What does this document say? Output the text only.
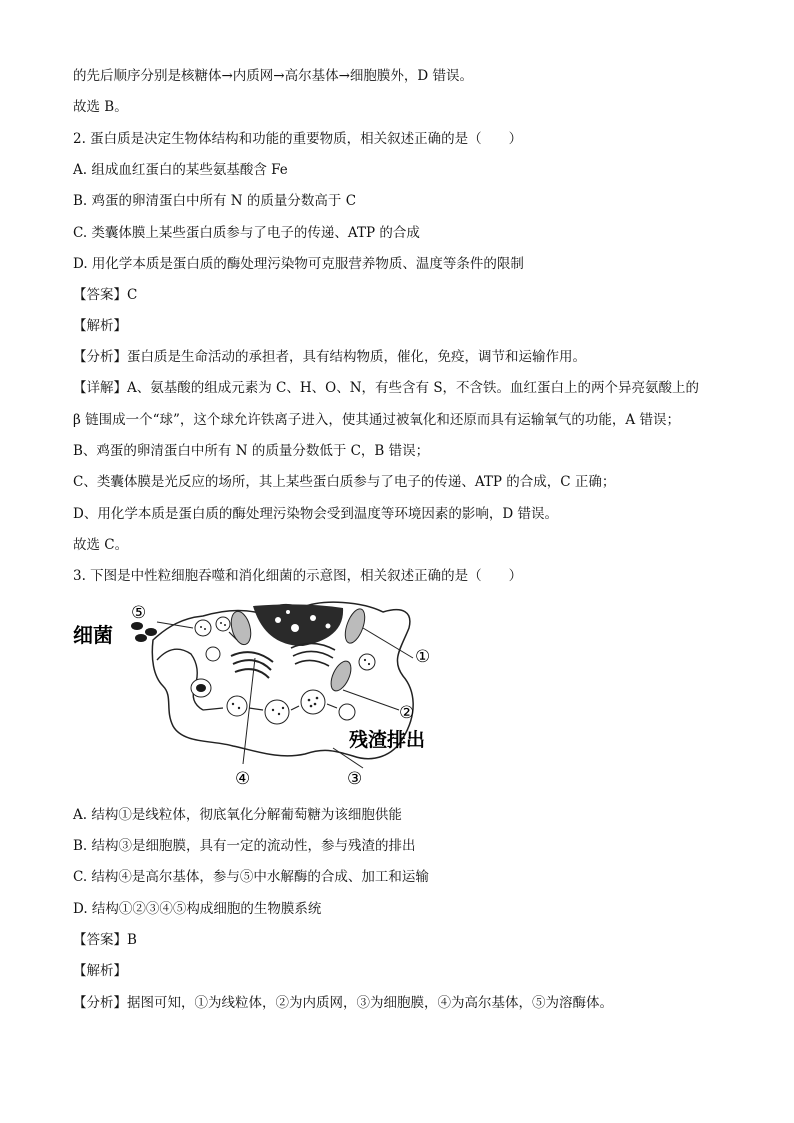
的先后顺序分别是核糖体→内质网→高尔基体→细胞膜外，D 错误。
故选 B。
2. 蛋白质是决定生物体结构和功能的重要物质，相关叙述正确的是（　　）
A. 组成血红蛋白的某些氨基酸含 Fe
B. 鸡蛋的卵清蛋白中所有 N 的质量分数高于 C
C. 类囊体膜上某些蛋白质参与了电子的传递、ATP 的合成
D. 用化学本质是蛋白质的酶处理污染物可克服营养物质、温度等条件的限制
【答案】C
【解析】
【分析】蛋白质是生命活动的承担者，具有结构物质，催化，免疫，调节和运输作用。
【详解】A、氨基酸的组成元素为 C、H、O、N，有些含有 S，不含铁。血红蛋白上的两个异亮氨酸上的
β 链围成一个“球”，这个球允许铁离子进入，使其通过被氧化和还原而具有运输氧气的功能，A 错误；
B、鸡蛋的卵清蛋白中所有 N 的质量分数低于 C，B 错误；
C、类囊体膜是光反应的场所，其上某些蛋白质参与了电子的传递、ATP 的合成，C 正确；
D、用化学本质是蛋白质的酶处理污染物会受到温度等环境因素的影响，D 错误。
故选 C。
3. 下图是中性粒细胞吞噬和消化细菌的示意图，相关叙述正确的是（　　）
①
②
③
④
⑤
细菌
残渣排出
A. 结构①是线粒体，彻底氧化分解葡萄糖为该细胞供能
B. 结构③是细胞膜，具有一定的流动性，参与残渣的排出
C. 结构④是高尔基体，参与⑤中水解酶的合成、加工和运输
D. 结构①②③④⑤构成细胞的生物膜系统
【答案】B
【解析】
【分析】据图可知，①为线粒体，②为内质网，③为细胞膜，④为高尔基体，⑤为溶酶体。
